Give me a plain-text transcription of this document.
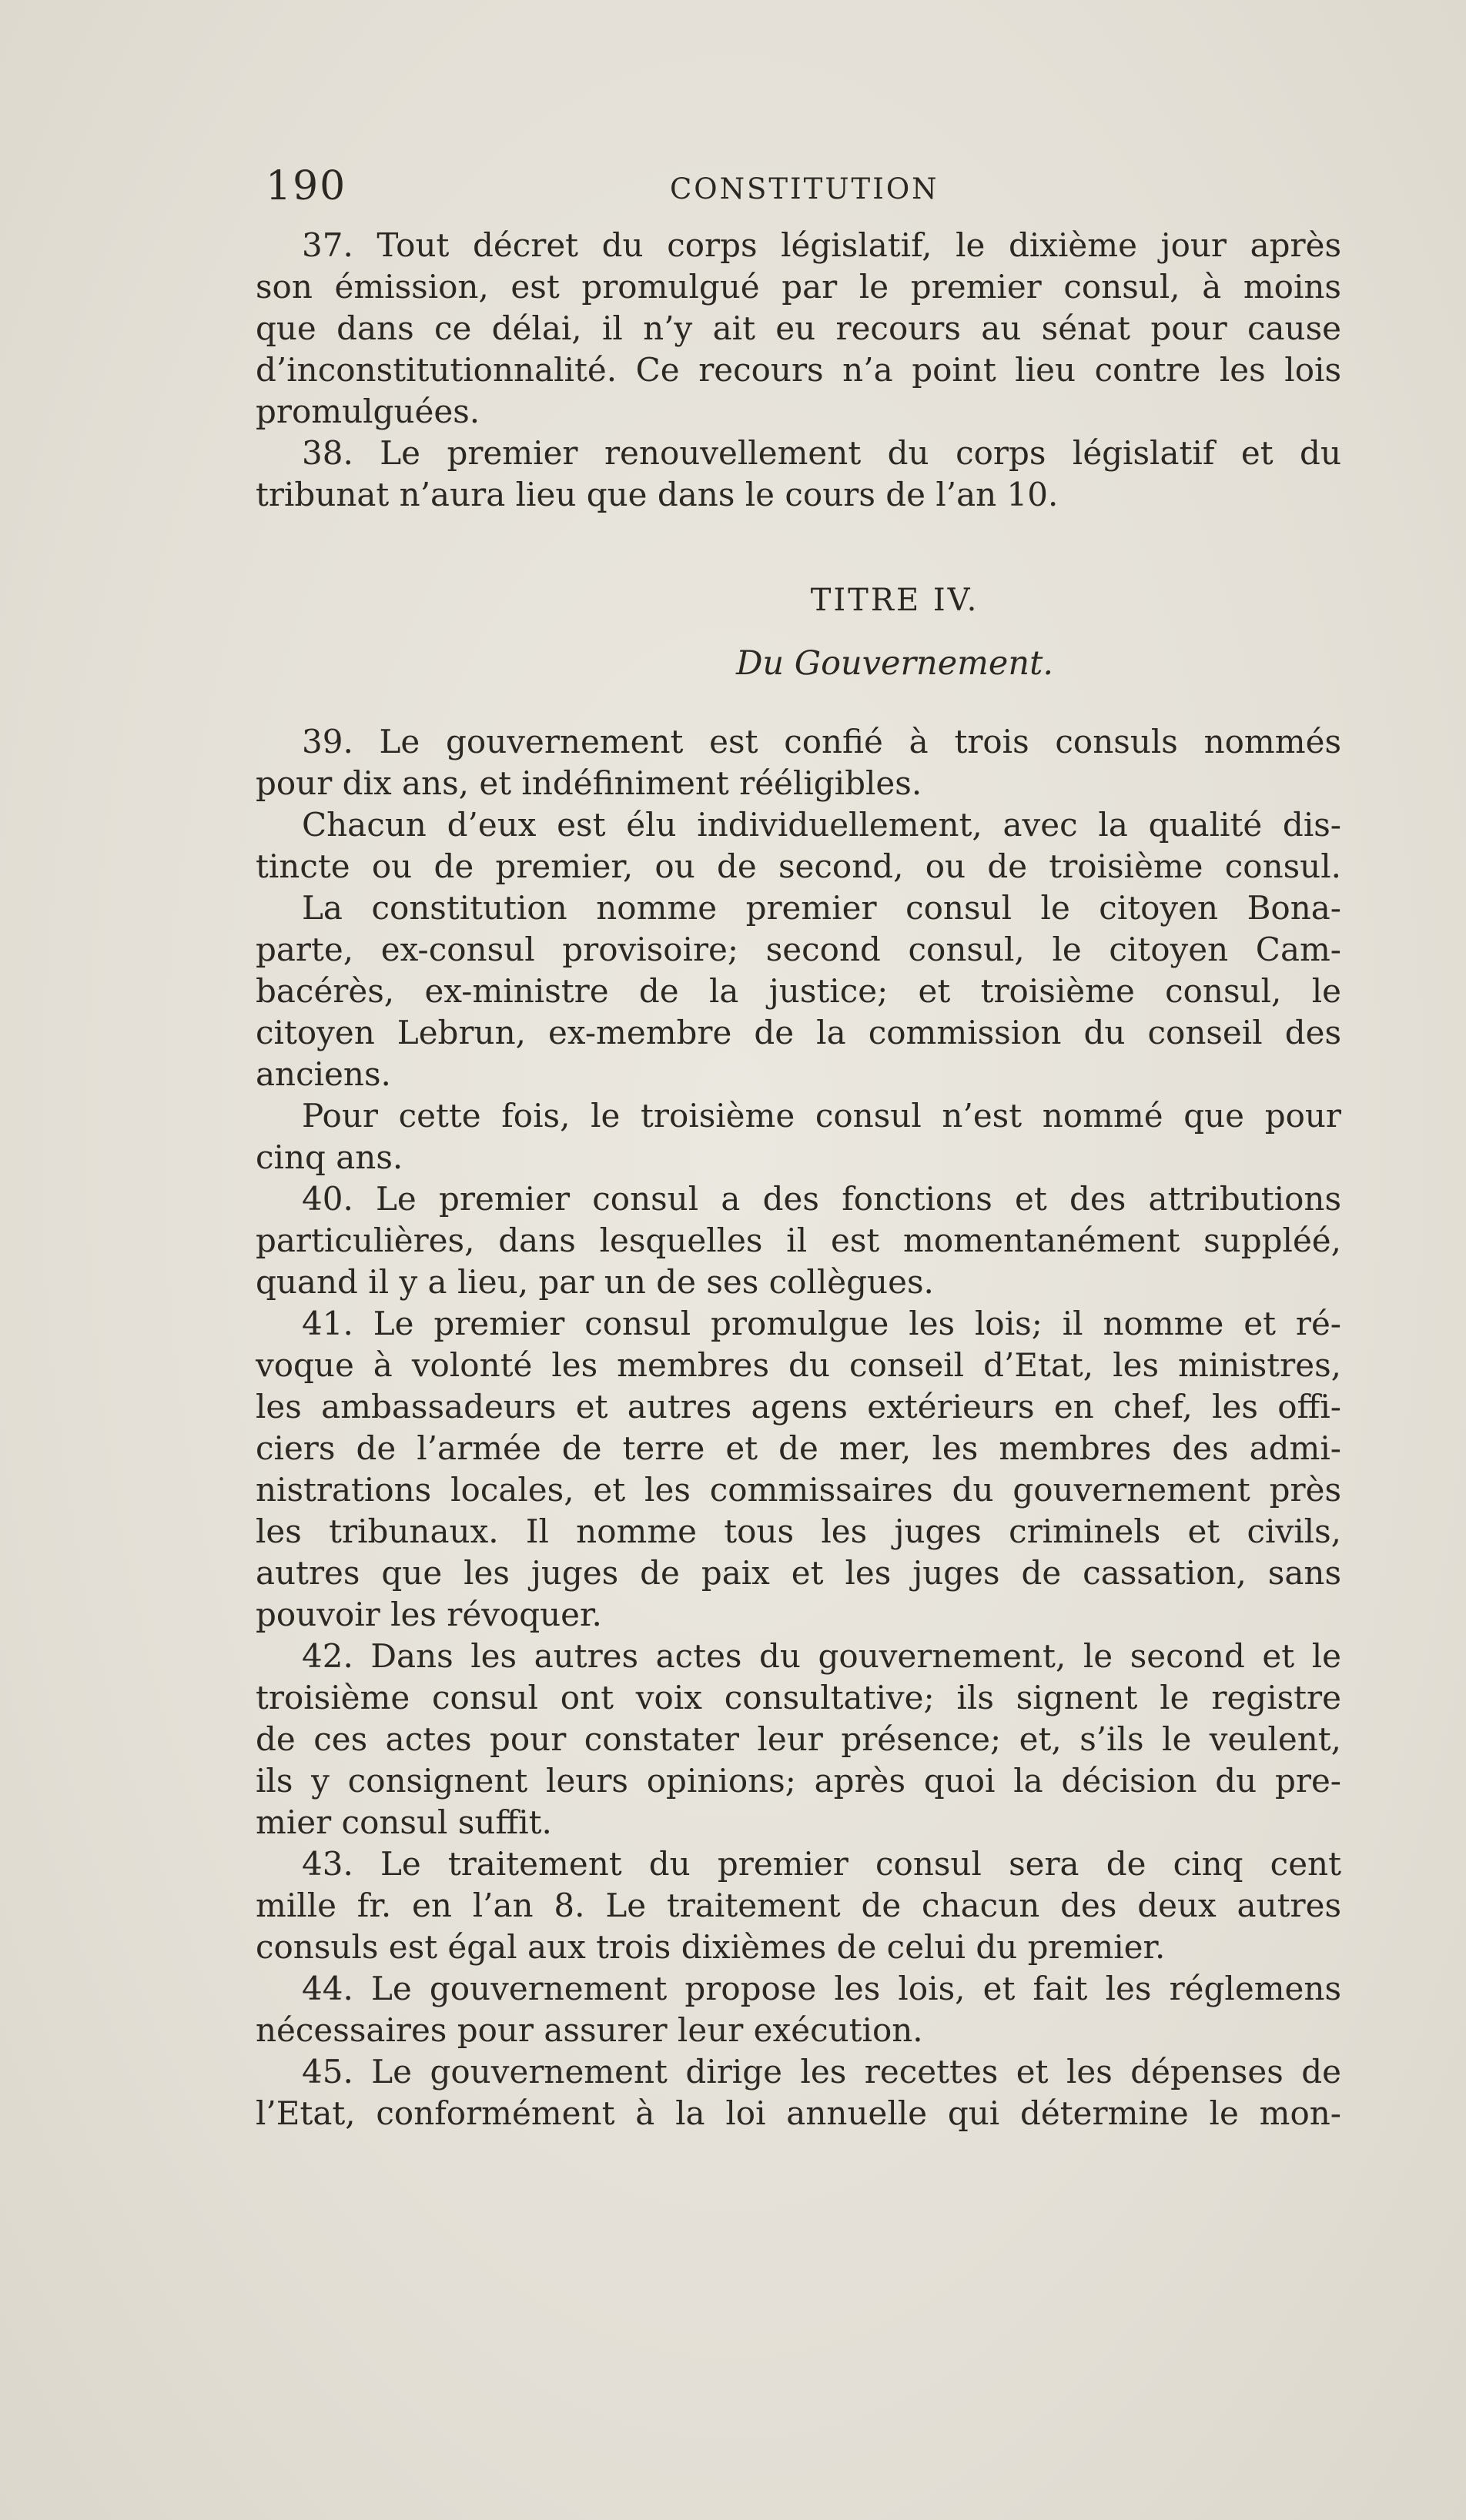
190	CONSTITUTION
37. Tout décret du corps législatif, le dixième jour après
son émission, est promulgué par le premier consul, à moins
que dans ce délai, il n’y ait eu recours au sénat pour cause
d’inconstitutionnalité. Ce recours n’a point lieu contre les lois
promulguées.
38. Le premier renouvellement du corps législatif et du
tribunat n’aura lieu que dans le cours de l’an 10.
TITRE IV.
Du Gouvernement.
39. Le gouvernement est confié à trois consuls nommés
pour dix ans, et indéfiniment rééligibles.
Chacun d’eux est élu individuellement, avec la qualité dis-
tincte ou de premier, ou de second, ou de troisième consul.
La constitution nomme premier consul le citoyen Bona-
parte, ex-consul provisoire; second consul, le citoyen Cam-
bacérès, ex-ministre de la justice; et troisième consul, le
citoyen Lebrun, ex-membre de la commission du conseil des
anciens.
Pour cette fois, le troisième consul n’est nommé que pour
cinq ans.
40. Le premier consul a des fonctions et des attributions
particulières, dans lesquelles il est momentanément suppléé,
quand il y a lieu, par un de ses collègues.
41. Le premier consul promulgue les lois; il nomme et ré-
voque à volonté les membres du conseil d’Etat, les ministres,
les ambassadeurs et autres agens extérieurs en chef, les offi-
ciers de l’armée de terre et de mer, les membres des admi-
nistrations locales, et les commissaires du gouvernement près
les tribunaux. Il nomme tous les juges criminels et civils,
autres que les juges de paix et les juges de cassation, sans
pouvoir les révoquer.
42. Dans les autres actes du gouvernement, le second et le
troisième consul ont voix consultative; ils signent le registre
de ces actes pour constater leur présence; et, s’ils le veulent,
ils y consignent leurs opinions; après quoi la décision du pre-
mier consul suffit.
43. Le traitement du premier consul sera de cinq cent
mille fr. en l’an 8. Le traitement de chacun des deux autres
consuls est égal aux trois dixièmes de celui du premier.
44. Le gouvernement propose les lois, et fait les réglemens
nécessaires pour assurer leur exécution.
45. Le gouvernement dirige les recettes et les dépenses de
l’Etat, conformément à la loi annuelle qui détermine le mon-
